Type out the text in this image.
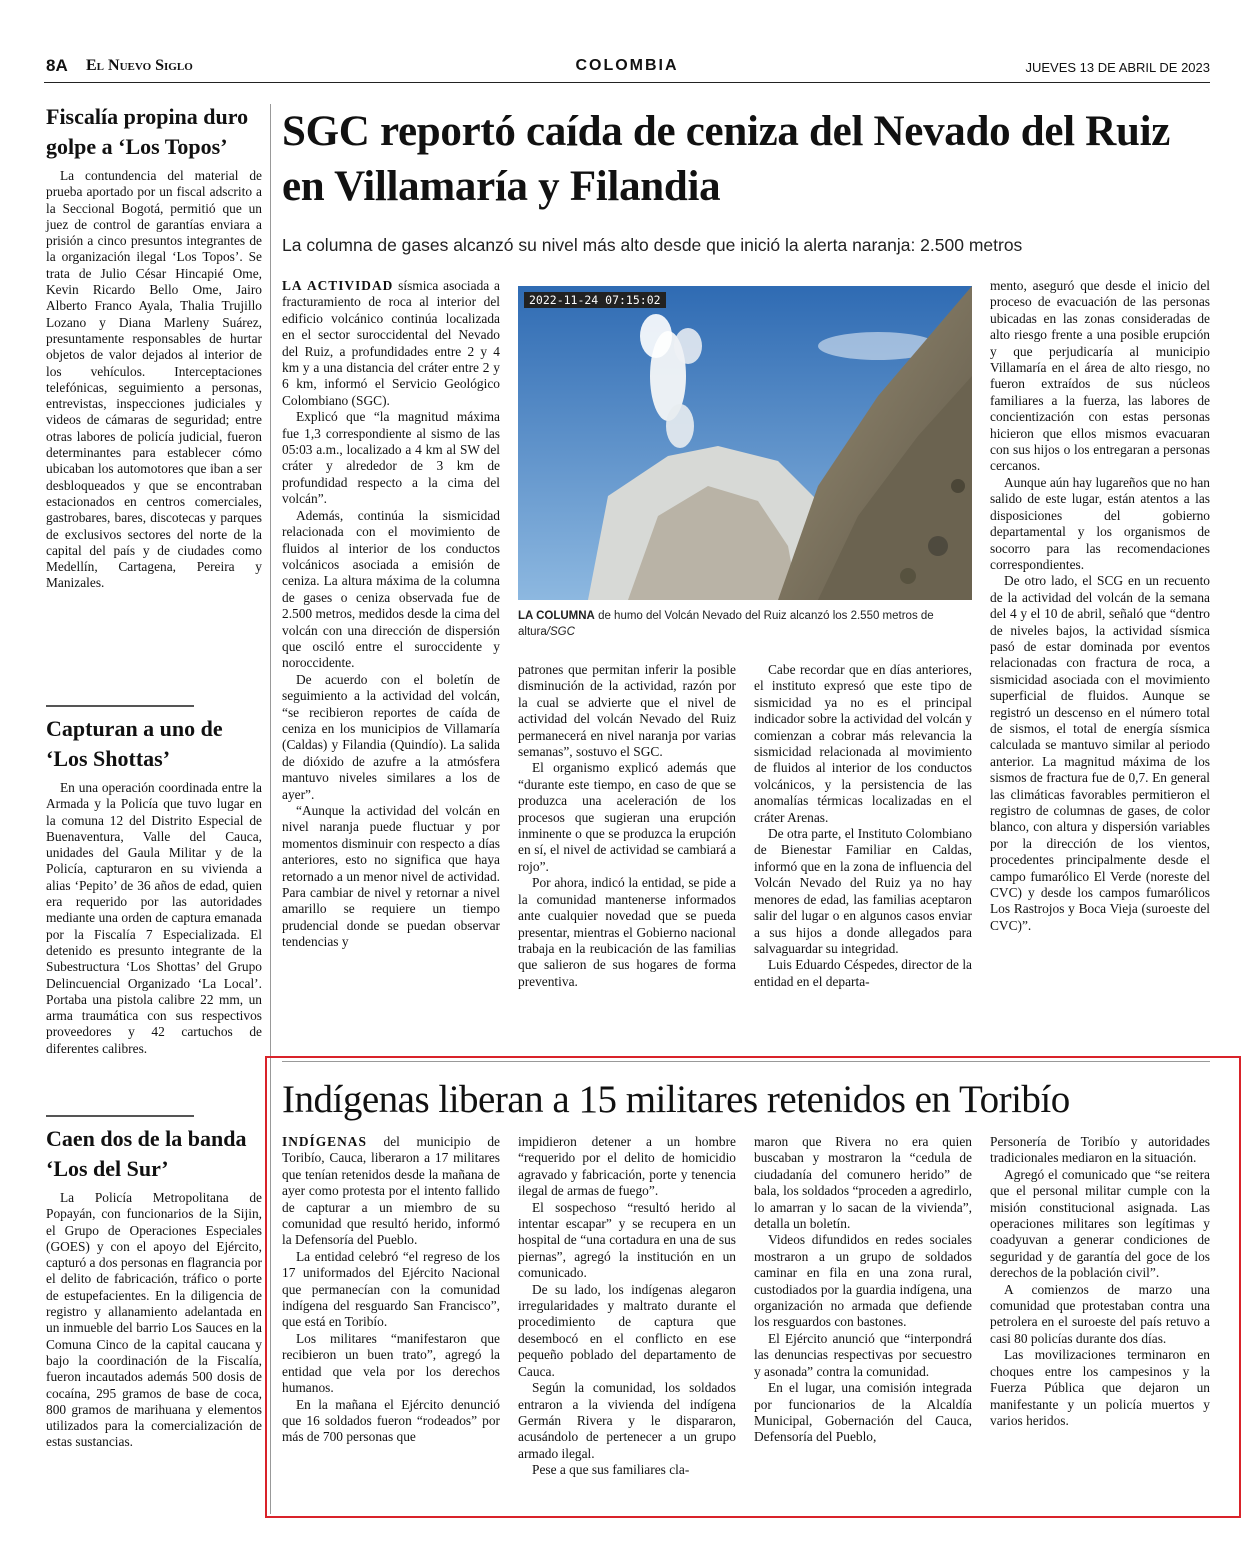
8A El Nuevo Siglo	COLOMBIA	JUEVES 13 DE ABRIL DE 2023
Fiscalía propina duro golpe a ‘Los Topos’

La contundencia del material de prueba aportado por un fiscal adscrito a la Seccional Bogotá, permitió que un juez de control de garantías enviara a prisión a cinco presuntos integrantes de la organización ilegal ‘Los Topos’. Se trata de Julio César Hincapié Ome, Kevin Ricardo Bello Ome, Jairo Alberto Franco Ayala, Thalia Trujillo Lozano y Diana Marleny Suárez, presuntamente responsables de hurtar objetos de valor dejados al interior de los vehículos. Interceptaciones telefónicas, seguimiento a personas, entrevistas, inspecciones judiciales y videos de cámaras de seguridad; entre otras labores de policía judicial, fueron determinantes para establecer cómo ubicaban los automotores que iban a ser desbloqueados y que se encontraban estacionados en centros comerciales, gastrobares, bares, discotecas y parques de exclusivos sectores del norte de la capital del país y de ciudades como Medellín, Cartagena, Pereira y Manizales.

Capturan a uno de ‘Los Shottas’

En una operación coordinada entre la Armada y la Policía que tuvo lugar en la comuna 12 del Distrito Especial de Buenaventura, Valle del Cauca, unidades del Gaula Militar y de la Policía, capturaron en su vivienda a alias ‘Pepito’ de 36 años de edad, quien era requerido por las autoridades mediante una orden de captura emanada por la Fiscalía 7 Especializada. El detenido es presunto integrante de la Subestructura ‘Los Shottas’ del Grupo Delincuencial Organizado ‘La Local’. Portaba una pistola calibre 22 mm, un arma traumática con sus respectivos proveedores y 42 cartuchos de diferentes calibres.

Caen dos de la banda ‘Los del Sur’

La Policía Metropolitana de Popayán, con funcionarios de la Sijin, el Grupo de Operaciones Especiales (GOES) y con el apoyo del Ejército, capturó a dos personas en flagrancia por el delito de fabricación, tráfico o porte de estupefacientes. En la diligencia de registro y allanamiento adelantada en un inmueble del barrio Los Sauces en la Comuna Cinco de la capital caucana y bajo la coordinación de la Fiscalía, fueron incautados además 500 dosis de cocaína, 295 gramos de base de coca, 800 gramos de marihuana y elementos utilizados para la comercialización de estas sustancias.

SGC reportó caída de ceniza del Nevado del Ruiz en Villamaría y Filandia
La columna de gases alcanzó su nivel más alto desde que inició la alerta naranja: 2.500 metros

LA ACTIVIDAD sísmica asociada a fracturamiento de roca al interior del edificio volcánico continúa localizada en el sector suroccidental del Nevado del Ruiz, a profundidades entre 2 y 4 km y a una distancia del cráter entre 2 y 6 km, informó el Servicio Geológico Colombiano (SGC).

Explicó que “la magnitud máxima fue 1,3 correspondiente al sismo de las 05:03 a.m., localizado a 4 km al SW del cráter y alrededor de 3 km de profundidad respecto a la cima del volcán”.

Además, continúa la sismicidad relacionada con el movimiento de fluidos al interior de los conductos volcánicos asociada a emisión de ceniza. La altura máxima de la columna de gases o ceniza observada fue de 2.500 metros, medidos desde la cima del volcán con una dirección de dispersión que osciló entre el suroccidente y noroccidente.

De acuerdo con el boletín de seguimiento a la actividad del volcán, “se recibieron reportes de caída de ceniza en los municipios de Villamaría (Caldas) y Filandia (Quindío). La salida de dióxido de azufre a la atmósfera mantuvo niveles similares a los de ayer”.

“Aunque la actividad del volcán en nivel naranja puede fluctuar y por momentos disminuir con respecto a días anteriores, esto no significa que haya retornado a un menor nivel de actividad. Para cambiar de nivel y retornar a nivel amarillo se requiere un tiempo prudencial donde se puedan observar tendencias y

2022-11-24 07:15:02
LA COLUMNA de humo del Volcán Nevado del Ruiz alcanzó los 2.550 metros de altura/SGC

patrones que permitan inferir la posible disminución de la actividad, razón por la cual se advierte que el nivel de actividad del volcán Nevado del Ruiz permanecerá en nivel naranja por varias semanas”, sostuvo el SGC.

El organismo explicó además que “durante este tiempo, en caso de que se produzca una aceleración de los procesos que sugieran una erupción inminente o que se produzca la erupción en sí, el nivel de actividad se cambiará a rojo”.

Por ahora, indicó la entidad, se pide a la comunidad mantenerse informados ante cualquier novedad que se pueda presentar, mientras el Gobierno nacional trabaja en la reubicación de las familias que salieron de sus hogares de forma preventiva.

Cabe recordar que en días anteriores, el instituto expresó que este tipo de sismicidad ya no es el principal indicador sobre la actividad del volcán y comienzan a cobrar más relevancia la sismicidad relacionada al movimiento de fluidos al interior de los conductos volcánicos, y la persistencia de las anomalías térmicas localizadas en el cráter Arenas.

De otra parte, el Instituto Colombiano de Bienestar Familiar en Caldas, informó que en la zona de influencia del Volcán Nevado del Ruiz ya no hay menores de edad, las familias aceptaron salir del lugar o en algunos casos enviar a sus hijos a donde allegados para salvaguardar su integridad.

Luis Eduardo Céspedes, director de la entidad en el departa-

mento, aseguró que desde el inicio del proceso de evacuación de las personas ubicadas en las zonas consideradas de alto riesgo frente a una posible erupción y que perjudicaría al municipio Villamaría en el área de alto riesgo, no fueron extraídos de sus núcleos familiares a la fuerza, las labores de concientización con estas personas hicieron que ellos mismos evacuaran con sus hijos o los entregaran a personas cercanos.

Aunque aún hay lugareños que no han salido de este lugar, están atentos a las disposiciones del gobierno departamental y los organismos de socorro para las recomendaciones correspondientes.

De otro lado, el SCG en un recuento de la actividad del volcán de la semana del 4 y el 10 de abril, señaló que “dentro de niveles bajos, la actividad sísmica pasó de estar dominada por eventos relacionadas con fractura de roca, a sismicidad asociada con el movimiento superficial de fluidos. Aunque se registró un descenso en el número total de sismos, el total de energía sísmica calculada se mantuvo similar al periodo anterior. La magnitud máxima de los sismos de fractura fue de 0,7. En general las climáticas favorables permitieron el registro de columnas de gases, de color blanco, con altura y dispersión variables por la dirección de los vientos, procedentes principalmente desde el campo fumarólico El Verde (noreste del CVC) y desde los campos fumarólicos Los Rastrojos y Boca Vieja (suroeste del CVC)”.

Indígenas liberan a 15 militares retenidos en Toribío

INDÍGENAS del municipio de Toribío, Cauca, liberaron a 17 militares que tenían retenidos desde la mañana de ayer como protesta por el intento fallido de capturar a un miembro de su comunidad que resultó herido, informó la Defensoría del Pueblo.

La entidad celebró “el regreso de los 17 uniformados del Ejército Nacional que permanecían con la comunidad indígena del resguardo San Francisco”, que está en Toribío.

Los militares “manifestaron que recibieron un buen trato”, agregó la entidad que vela por los derechos humanos.

En la mañana el Ejército denunció que 16 soldados fueron “rodeados” por más de 700 personas que

impidieron detener a un hombre “requerido por el delito de homicidio agravado y fabricación, porte y tenencia ilegal de armas de fuego”.

El sospechoso “resultó herido al intentar escapar” y se recupera en un hospital de “una cortadura en una de sus piernas”, agregó la institución en un comunicado.

De su lado, los indígenas alegaron irregularidades y maltrato durante el procedimiento de captura que desembocó en el conflicto en ese pequeño poblado del departamento de Cauca.

Según la comunidad, los soldados entraron a la vivienda del indígena Germán Rivera y le dispararon, acusándolo de pertenecer a un grupo armado ilegal.

Pese a que sus familiares cla-

maron que Rivera no era quien buscaban y mostraron la “cedula de ciudadanía del comunero herido” de bala, los soldados “proceden a agredirlo, lo amarran y lo sacan de la vivienda”, detalla un boletín.

Videos difundidos en redes sociales mostraron a un grupo de soldados caminar en fila en una zona rural, custodiados por la guardia indígena, una organización no armada que defiende los resguardos con bastones.

El Ejército anunció que “interpondrá las denuncias respectivas por secuestro y asonada” contra la comunidad.

En el lugar, una comisión integrada por funcionarios de la Alcaldía Municipal, Gobernación del Cauca, Defensoría del Pueblo,

Personería de Toribío y autoridades tradicionales mediaron en la situación.

Agregó el comunicado que “se reitera que el personal militar cumple con la misión constitucional asignada. Las operaciones militares son legítimas y coadyuvan a generar condiciones de seguridad y de garantía del goce de los derechos de la población civil”.

A comienzos de marzo una comunidad que protestaban contra una petrolera en el suroeste del país retuvo a casi 80 policías durante dos días.

Las movilizaciones terminaron en choques entre los campesinos y la Fuerza Pública que dejaron un manifestante y un policía muertos y varios heridos.
